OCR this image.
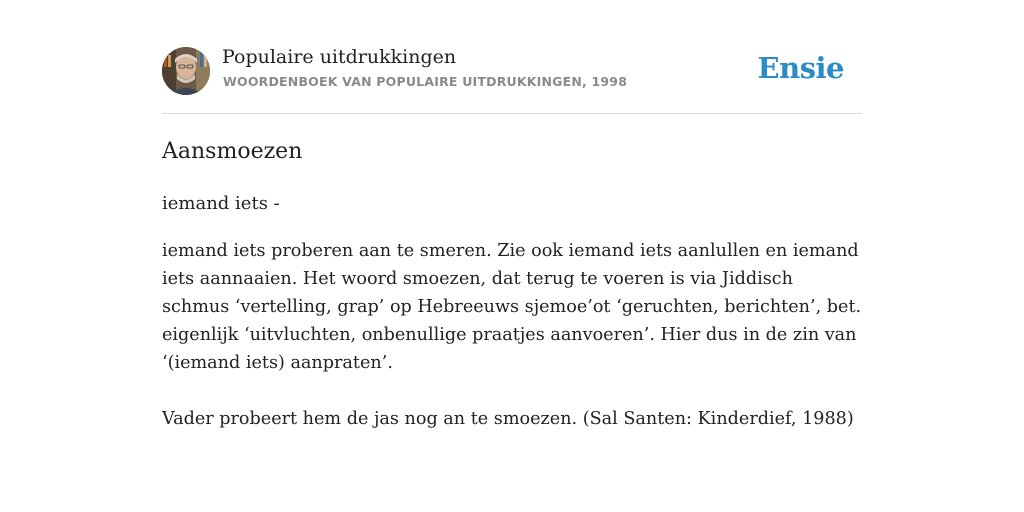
Populaire uitdrukkingen
WOORDENBOEK VAN POPULAIRE UITDRUKKINGEN, 1998	Ensie
Aansmoezen
iemand iets -

iemand iets proberen aan te smeren. Zie ook iemand iets aanlullen en iemand iets aannaaien. Het woord smoezen, dat terug te voeren is via Jiddisch schmus ‘vertelling, grap’ op Hebreeuws sjemoe’ot ‘geruchten, berichten’, bet. eigenlijk ‘uitvluchten, onbenullige praatjes aanvoeren’. Hier dus in de zin van ‘(iemand iets) aanpraten’.

Vader probeert hem de jas nog an te smoezen. (Sal Santen: Kinderdief, 1988)
